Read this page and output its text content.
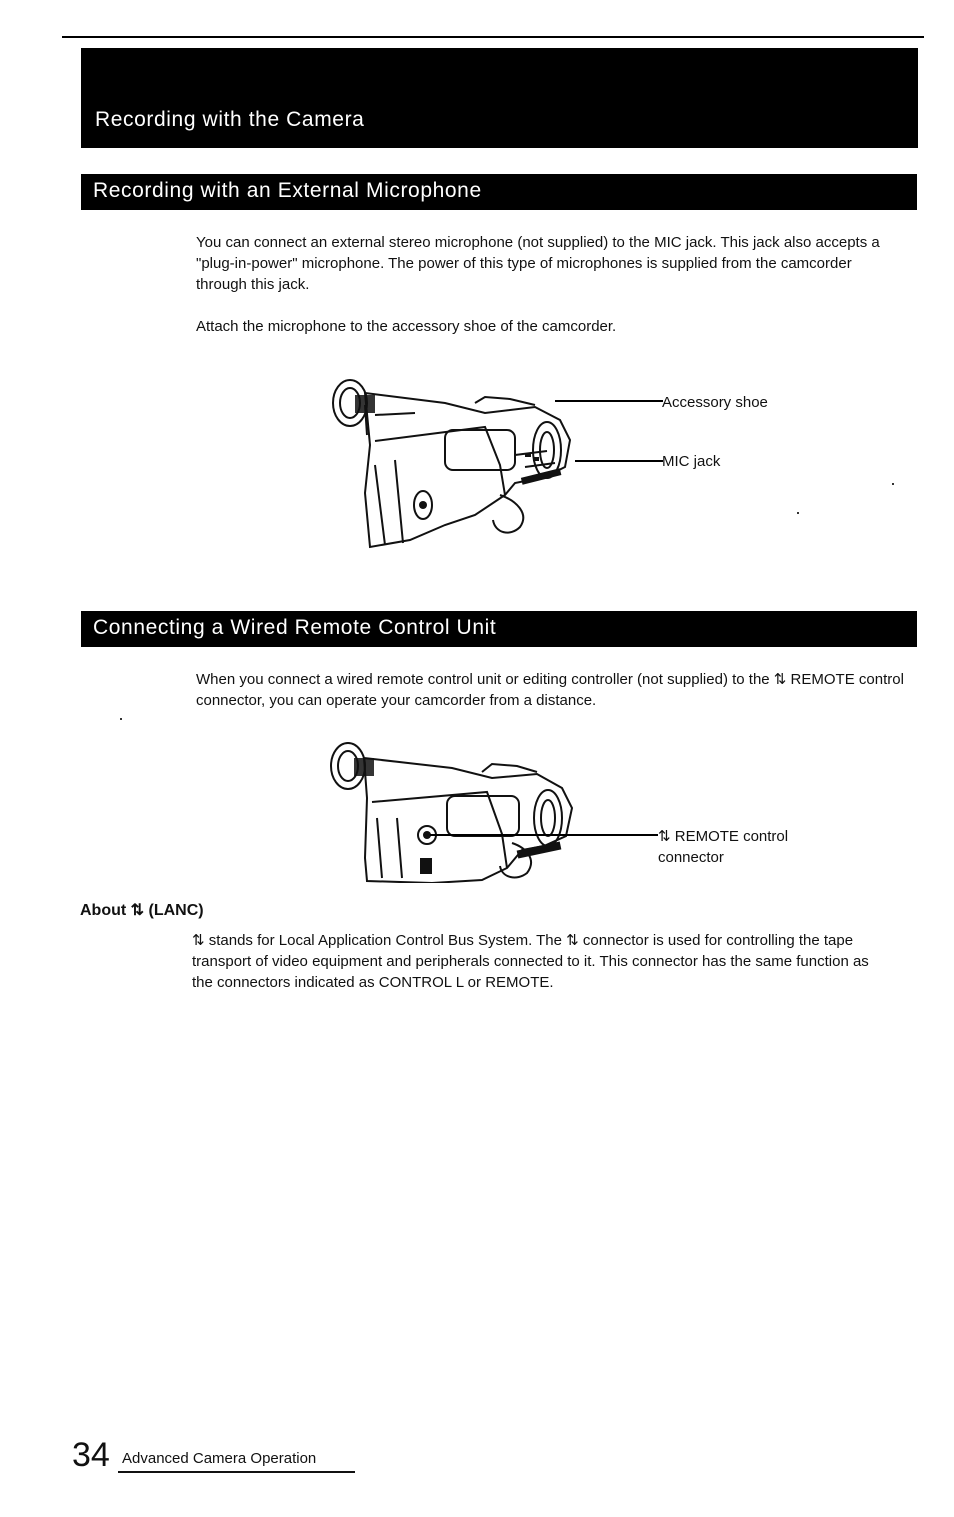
Recording with the Camera
Recording with an External Microphone
You can connect an external stereo microphone (not supplied) to the MIC jack. This jack also accepts a "plug-in-power" microphone. The power of this type of microphones is supplied from the camcorder through this jack.
Attach the microphone to the accessory shoe of the camcorder.
Accessory shoe
MIC jack
Connecting a Wired Remote Control Unit
When you connect a wired remote control unit or editing controller (not supplied) to the ⇅ REMOTE control connector, you can operate your camcorder from a distance.
⇅ REMOTE control
connector
About ⇅ (LANC)
⇅ stands for Local Application Control Bus System. The ⇅ connector is used for controlling the tape transport of video equipment and peripherals connected to it. This connector has the same function as the connectors indicated as CONTROL L or REMOTE.
34 Advanced Camera Operation
